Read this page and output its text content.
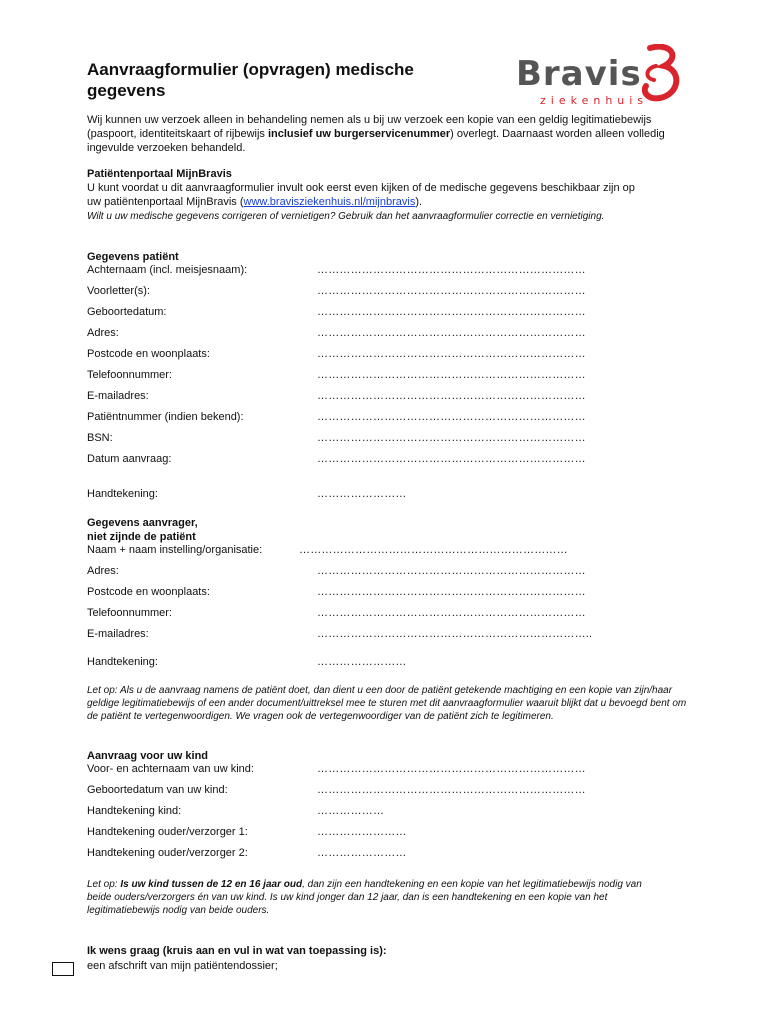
Aanvraagformulier (opvragen) medische gegevens	Bravis
ziekenhuis

Wij kunnen uw verzoek alleen in behandeling nemen als u bij uw verzoek een kopie van een geldig legitimatiebewijs (paspoort, identiteitskaart of rijbewijs inclusief uw burgerservicenummer) overlegt. Daarnaast worden alleen volledig ingevulde verzoeken behandeld.

Patiëntenportaal MijnBravis

U kunt voordat u dit aanvraagformulier invult ook eerst even kijken of de medische gegevens beschikbaar zijn op uw patiëntenportaal MijnBravis (www.bravisziekenhuis.nl/mijnbravis).

Wilt u uw medische gegevens corrigeren of vernietigen? Gebruik dan het aanvraagformulier correctie en vernietiging.

Gegevens patiënt
Achternaam (incl. meisjesnaam):	………………………………………………………………
Voorletter(s):	………………………………………………………………
Geboortedatum:	………………………………………………………………
Adres:	………………………………………………………………
Postcode en woonplaats:	………………………………………………………………
Telefoonnummer:	………………………………………………………………
E-mailadres:	………………………………………………………………
Patiëntnummer (indien bekend):	………………………………………………………………
BSN:	………………………………………………………………
Datum aanvraag:	………………………………………………………………
Handtekening:	……………………
Gegevens aanvrager,
niet zijnde de patiënt
Naam + naam instelling/organisatie:	………………………………………………………………
Adres:	………………………………………………………………
Postcode en woonplaats:	………………………………………………………………
Telefoonnummer:	………………………………………………………………
E-mailadres:	………………………………………………………………..
Handtekening:	……………………

Let op: Als u de aanvraag namens de patiënt doet, dan dient u een door de patiënt getekende machtiging en een kopie van zijn/haar geldige legitimatiebewijs of een ander document/uittreksel mee te sturen met dit aanvraagformulier waaruit blijkt dat u bevoegd bent om de patiënt te vertegenwoordigen. We vragen ook de vertegenwoordiger van de patiënt zich te legitimeren.

Aanvraag voor uw kind
Voor- en achternaam van uw kind:	………………………………………………………………
Geboortedatum van uw kind:	………………………………………………………………
Handtekening kind:	………………
Handtekening ouder/verzorger 1:	……………………
Handtekening ouder/verzorger 2:	……………………

Let op: Is uw kind tussen de 12 en 16 jaar oud, dan zijn een handtekening en een kopie van het legitimatiebewijs nodig van beide ouders/verzorgers én van uw kind. Is uw kind jonger dan 12 jaar, dan is een handtekening en een kopie van het legitimatiebewijs nodig van beide ouders.

Ik wens graag (kruis aan en vul in wat van toepassing is):
een afschrift van mijn patiëntendossier;
